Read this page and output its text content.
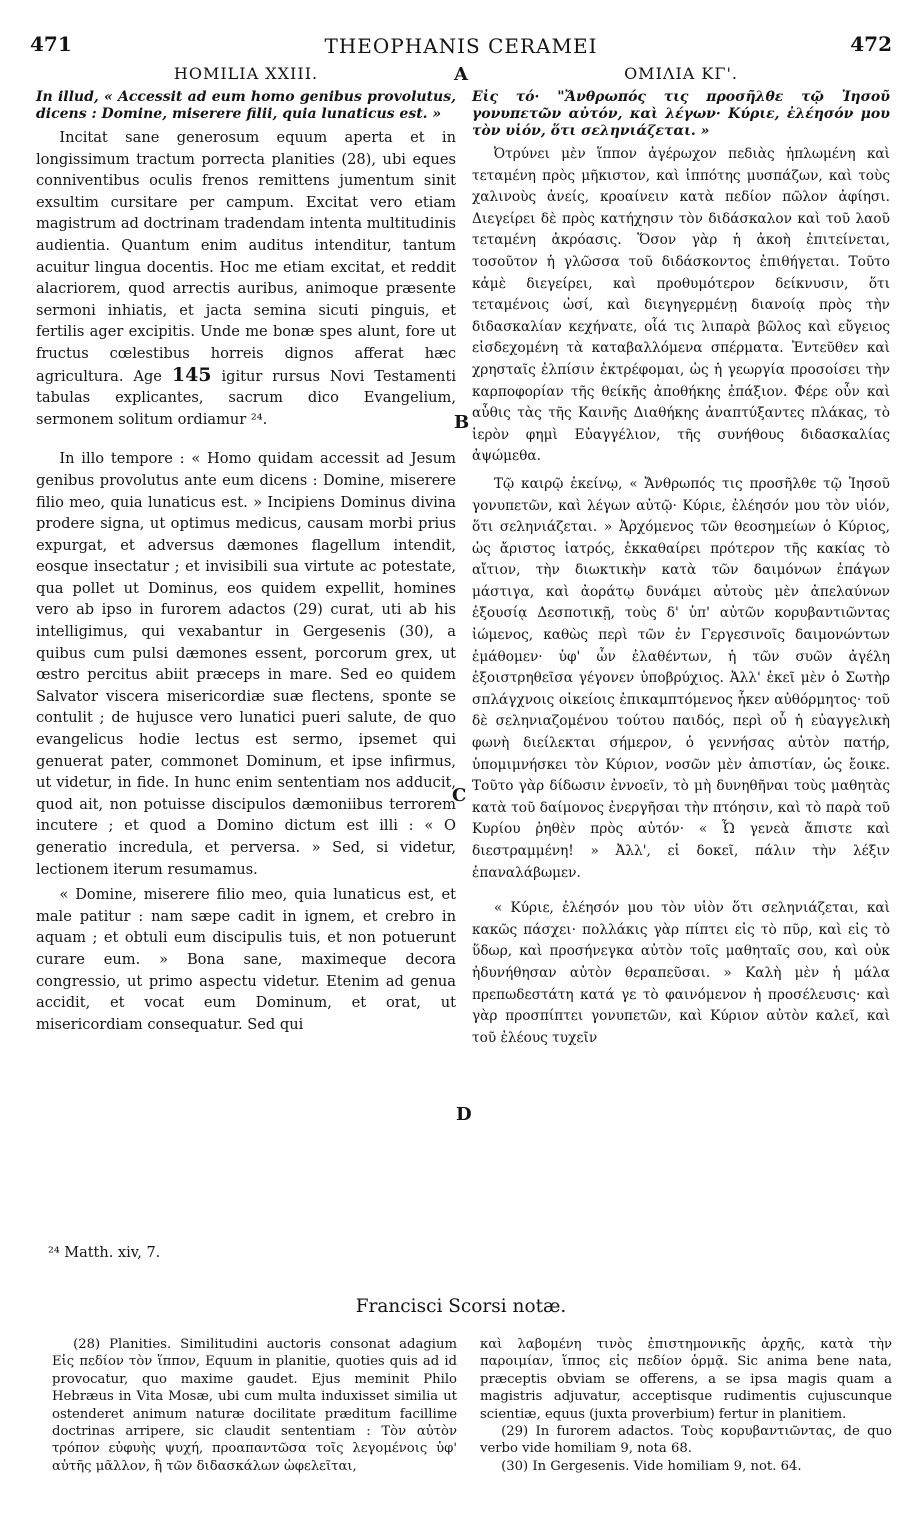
471	THEOPHANIS CERAMEI	472
HOMILIA XXIII.

In illud, « Accessit ad eum homo genibus provolutus, dicens : Domine, miserere filii, quia lunaticus est. »

Incitat sane generosum equum aperta et in longissimum tractum porrecta planities (28), ubi eques conniventibus oculis frenos remittens jumentum sinit exsultim cursitare per campum. Excitat vero etiam magistrum ad doctrinam tradendam intenta multitudinis audientia. Quantum enim auditus intenditur, tantum acuitur lingua docentis. Hoc me etiam excitat, et reddit alacriorem, quod arrectis auribus, animoque præsente sermoni inhiatis, et jacta semina sicuti pinguis, et fertilis ager excipitis. Unde me bonæ spes alunt, fore ut fructus cœlestibus horreis dignos afferat hæc agricultura. Age 145 igitur rursus Novi Testamenti tabulas explicantes, sacrum dico Evangelium, sermonem solitum ordiamur ²⁴.

In illo tempore : « Homo quidam accessit ad Jesum genibus provolutus ante eum dicens : Domine, miserere filio meo, quia lunaticus est. » Incipiens Dominus divina prodere signa, ut optimus medicus, causam morbi prius expurgat, et adversus dæmones flagellum intendit, eosque insectatur ; et invisibili sua virtute ac potestate, qua pollet ut Dominus, eos quidem expellit, homines vero ab ipso in furorem adactos (29) curat, uti ab his intelligimus, qui vexabantur in Gergesenis (30), a quibus cum pulsi dæmones essent, porcorum grex, ut œstro percitus abiit præceps in mare. Sed eo quidem Salvator viscera misericordiæ suæ flectens, sponte se contulit ; de hujusce vero lunatici pueri salute, de quo evangelicus hodie lectus est sermo, ipsemet qui genuerat pater, commonet Dominum, et ipse infirmus, ut videtur, in fide. In hunc enim sententiam nos adducit, quod ait, non potuisse discipulos dæmoniibus terrorem incutere ; et quod a Domino dictum est illi : « O generatio incredula, et perversa. » Sed, si videtur, lectionem iterum resumamus.

« Domine, miserere filio meo, quia lunaticus est, et male patitur : nam sæpe cadit in ignem, et crebro in aquam ; et obtuli eum discipulis tuis, et non potuerunt curare eum. » Bona sane, maximeque decora congressio, ut primo aspectu videtur. Etenim ad genua accidit, et vocat eum Dominum, et orat, ut misericordiam consequatur. Sed qui

A
B
C
D
ΟΜΙΛΙΑ ΚΓ'.

Εἰς τό· "Ἄνθρωπός τις προσῆλθε τῷ Ἰησοῦ γονυπετῶν αὐτόν, καὶ λέγων· Κύριε, ἐλέησόν μου τὸν υἱόν, ὅτι σεληνιάζεται. »

Ὀτρύνει μὲν ἵππον ἀγέρωχον πεδιὰς ἡπλωμένη καὶ τεταμένη πρὸς μῆκιστον, καὶ ἱππότης μυσπάζων, καὶ τοὺς χαλινοὺς ἀνείς, κροαίνειν κατὰ πεδίον πῶλον ἀφίησι. Διεγείρει δὲ πρὸς κατήχησιν τὸν διδάσκαλον καὶ τοῦ λαοῦ τεταμένη ἀκρόασις. Ὅσον γὰρ ἡ ἀκοὴ ἐπιτείνεται, τοσοῦτον ἡ γλῶσσα τοῦ διδάσκοντος ἐπιθήγεται. Τοῦτο κἀμὲ διεγείρει, καὶ προθυμότερον δείκνυσιν, ὅτι τεταμένοις ὠσί, καὶ διεγηγερμένῃ διανοίᾳ πρὸς τὴν διδασκαλίαν κεχήνατε, οἷά τις λιπαρὰ βῶλος καὶ εὔγειος εἰσδεχομένη τὰ καταβαλλόμενα σπέρματα. Ἐντεῦθεν καὶ χρησταῖς ἐλπίσιν ἐκτρέφομαι, ὡς ἡ γεωργία προσοίσει τὴν καρποφορίαν τῆς θείκῆς ἀποθήκης ἐπάξιον. Φέρε οὖν καὶ αὖθις τὰς τῆς Καινῆς Διαθήκης ἀναπτύξαντες πλάκας, τὸ ἱερὸν φημὶ Εὐαγγέλιον, τῆς συνήθους διδασκαλίας ἀψώμεθα.

Τῷ καιρῷ ἐκείνῳ, « Ἄνθρωπός τις προσῆλθε τῷ Ἰησοῦ γονυπετῶν, καὶ λέγων αὐτῷ· Κύριε, ἐλέησόν μου τὸν υἱόν, ὅτι σεληνιάζεται. » Ἀρχόμενος τῶν θεοσημείων ὁ Κύριος, ὡς ἄριστος ἰατρός, ἐκκαθαίρει πρότερον τῆς κακίας τὸ αἴτιον, τὴν διωκτικὴν κατὰ τῶν δαιμόνων ἐπάγων μάστιγα, καὶ ἀοράτῳ δυνάμει αὐτοὺς μὲν ἀπελαύνων ἐξουσίᾳ Δεσποτικῇ, τοὺς δ' ὑπ' αὐτῶν κορυβαντιῶντας ἰώμενος, καθὼς περὶ τῶν ἐν Γεργεσινοῖς δαιμονώντων ἐμάθομεν· ὑφ' ὧν ἐλαθέντων, ἡ τῶν συῶν ἀγέλη ἐξοιστρηθεῖσα γέγονεν ὑποβρύχιος. Ἀλλ' ἐκεῖ μὲν ὁ Σωτὴρ σπλάγχνοις οἰκείοις ἐπικαμπτόμενος ἧκεν αὐθόρμητος· τοῦ δὲ σεληνιαζομένου τούτου παιδός, περὶ οὗ ἡ εὐαγγελικὴ φωνὴ διείλεκται σήμερον, ὁ γεννήσας αὐτὸν πατήρ, ὑπομιμνήσκει τὸν Κύριον, νοσῶν μὲν ἀπιστίαν, ὡς ἔοικε. Τοῦτο γὰρ δίδωσιν ἐννοεῖν, τὸ μὴ δυνηθῆναι τοὺς μαθητὰς κατὰ τοῦ δαίμονος ἐνεργῆσαι τὴν πτόησιν, καὶ τὸ παρὰ τοῦ Κυρίου ῥηθὲν πρὸς αὐτόν· « Ὦ γενεὰ ἄπιστε καὶ διεστραμμένη! » Ἀλλ', εἰ δοκεῖ, πάλιν τὴν λέξιν ἐπαναλάβωμεν.

« Κύριε, ἐλέησόν μου τὸν υἱὸν ὅτι σεληνιάζεται, καὶ κακῶς πάσχει· πολλάκις γὰρ πίπτει εἰς τὸ πῦρ, καὶ εἰς τὸ ὕδωρ, καὶ προσήνεγκα αὐτὸν τοῖς μαθηταῖς σου, καὶ οὐκ ἠδυνήθησαν αὐτὸν θεραπεῦσαι. » Καλὴ μὲν ἡ μάλα πρεπωδεστάτη κατά γε τὸ φαινόμενον ἡ προσέλευσις· καὶ γὰρ προσπίπτει γονυπετῶν, καὶ Κύριον αὐτὸν καλεῖ, καὶ τοῦ ἐλέους τυχεῖν

²⁴ Matth. xiv, 7.
Francisci Scorsi notæ.

(28) Planities. Similitudini auctoris consonat adagium Εἰς πεδίον τὸν ἵππον, Equum in planitie, quoties quis ad id provocatur, quo maxime gaudet. Ejus meminit Philo Hebræus in Vita Mosæ, ubi cum multa induxisset similia ut ostenderet animum naturæ docilitate præditum facillime doctrinas arripere, sic claudit sententiam : Τὸν αὐτὸν τρόπον εὐφυὴς ψυχή, προαπαντῶσα τοῖς λεγομένοις ὑφ' αὑτῆς μᾶλλον, ἢ τῶν διδασκάλων ὠφελεῖται,

καὶ λαβομένη τινὸς ἐπιστημονικῆς ἀρχῆς, κατὰ τὴν παροιμίαν, ἵππος εἰς πεδίον ὁρμᾷ. Sic anima bene nata, præceptis obviam se offerens, a se ipsa magis quam a magistris adjuvatur, acceptisque rudimentis cujuscunque scientiæ, equus (juxta proverbium) fertur in planitiem.

(29) In furorem adactos. Τοὺς κορυβαντιῶντας, de quo verbo vide homiliam 9, nota 68.

(30) In Gergesenis. Vide homiliam 9, not. 64.
